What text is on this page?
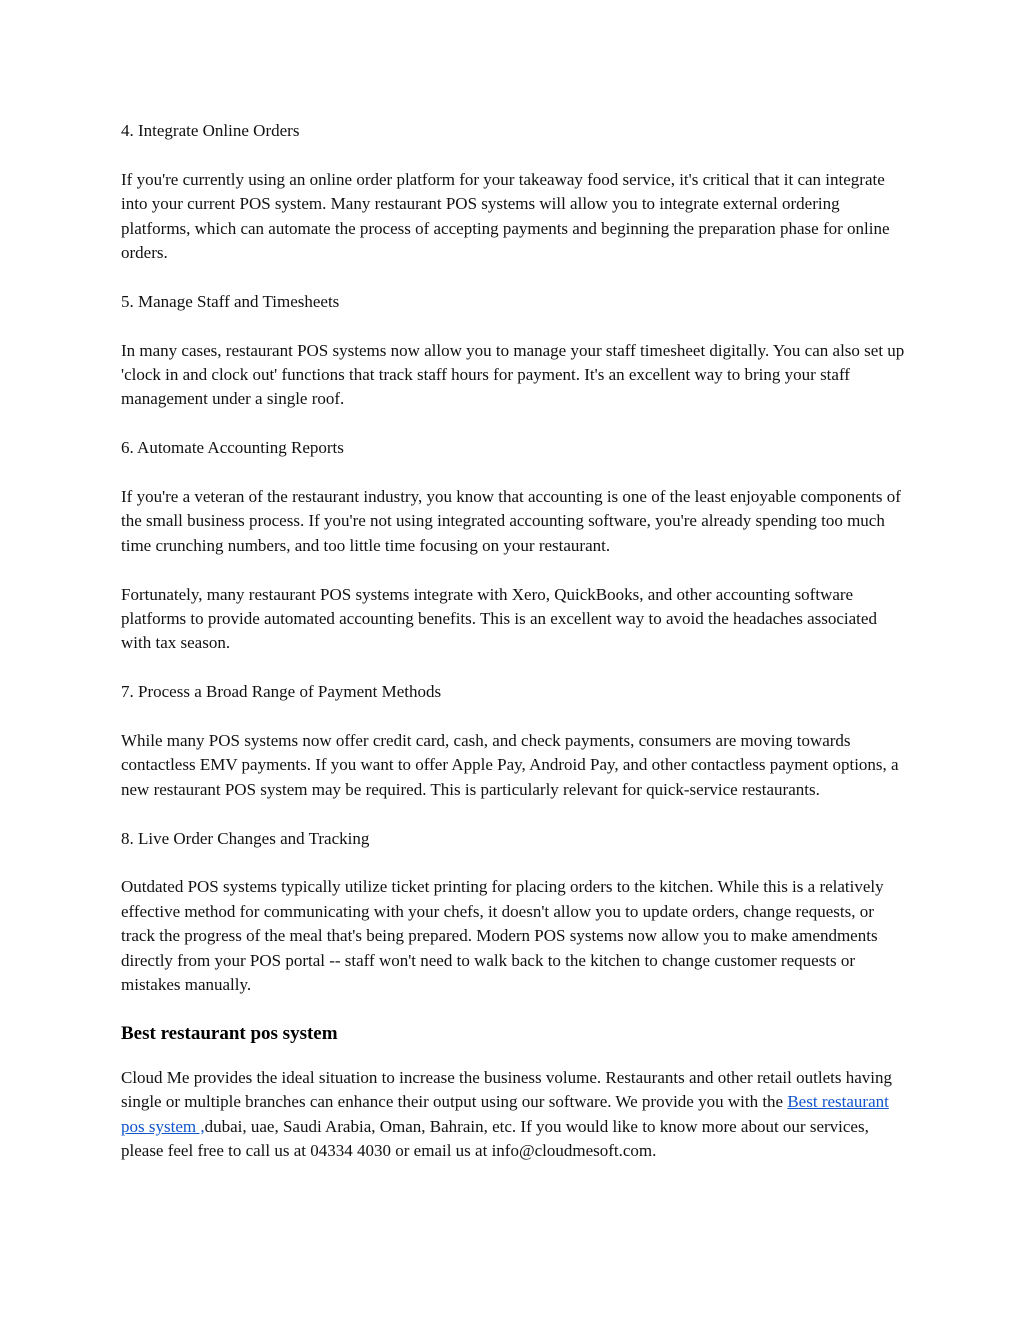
4. Integrate Online Orders

If you're currently using an online order platform for your takeaway food service, it's critical that it can integrate into your current POS system. Many restaurant POS systems will allow you to integrate external ordering platforms, which can automate the process of accepting payments and beginning the preparation phase for online orders.

5. Manage Staff and Timesheets

In many cases, restaurant POS systems now allow you to manage your staff timesheet digitally. You can also set up 'clock in and clock out' functions that track staff hours for payment. It's an excellent way to bring your staff management under a single roof.

6. Automate Accounting Reports

If you're a veteran of the restaurant industry, you know that accounting is one of the least enjoyable components of the small business process. If you're not using integrated accounting software, you're already spending too much time crunching numbers, and too little time focusing on your restaurant.

Fortunately, many restaurant POS systems integrate with Xero, QuickBooks, and other accounting software platforms to provide automated accounting benefits. This is an excellent way to avoid the headaches associated with tax season.

7. Process a Broad Range of Payment Methods

While many POS systems now offer credit card, cash, and check payments, consumers are moving towards contactless EMV payments. If you want to offer Apple Pay, Android Pay, and other contactless payment options, a new restaurant POS system may be required. This is particularly relevant for quick-service restaurants.

8. Live Order Changes and Tracking

Outdated POS systems typically utilize ticket printing for placing orders to the kitchen. While this is a relatively effective method for communicating with your chefs, it doesn't allow you to update orders, change requests, or track the progress of the meal that's being prepared. Modern POS systems now allow you to make amendments directly from your POS portal -- staff won't need to walk back to the kitchen to change customer requests or mistakes manually.

Best restaurant pos system

Cloud Me provides the ideal situation to increase the business volume. Restaurants and other retail outlets having single or multiple branches can enhance their output using our software. We provide you with the Best restaurant pos system ,dubai, uae, Saudi Arabia, Oman, Bahrain, etc. If you would like to know more about our services, please feel free to call us at 04334 4030 or email us at info@cloudmesoft.com.
